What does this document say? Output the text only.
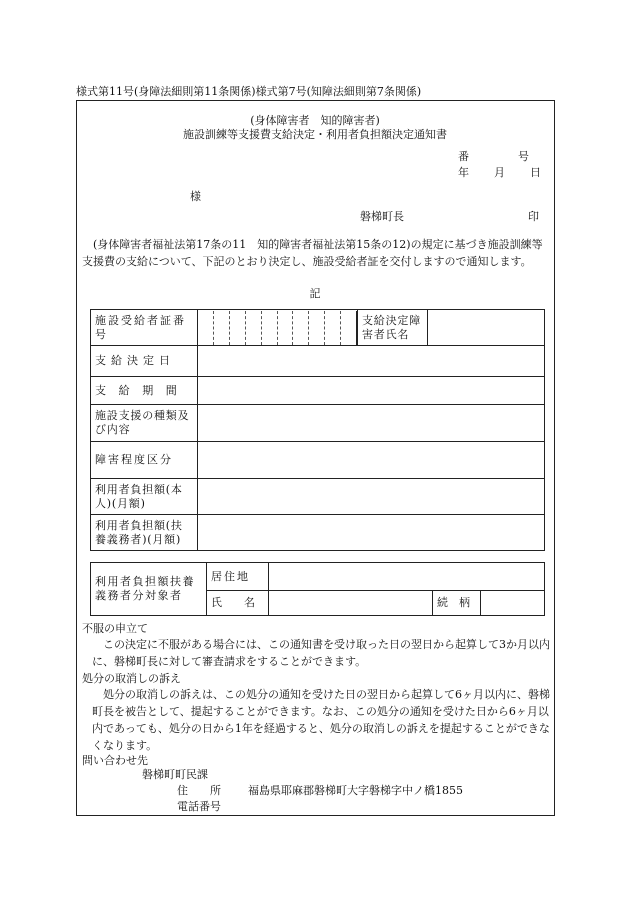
様式第11号(身障法細則第11条関係)様式第7号(知障法細則第7条関係)
(身体障害者　知的障害者)
施設訓練等支援費支給決定・利用者負担額決定通知書
番　　　　号
年　　月　　日
様
磐梯町長	印
(身体障害者福祉法第17条の11　知的障害者福祉法第15条の12)の規定に基づき施設訓練等支援費の支給について、下記のとおり決定し、施設受給者証を交付しますので通知します。
記
施設受給者証番　　　　　号		支給決定障害者氏名	
支給決定日			
支　給　期　間			
施設支援の種類及び内容			
障害程度区分			
利用者負担額(本人)(月額)			
利用者負担額(扶養義務者)(月額)			
利用者負担額扶養義務者分対象者	居住地			
	氏　　名		続　柄	
不服の申立て
この決定に不服がある場合には、この通知書を受け取った日の翌日から起算して3か月以内に、磐梯町長に対して審査請求をすることができます。
処分の取消しの訴え
処分の取消しの訴えは、この処分の通知を受けた日の翌日から起算して6ヶ月以内に、磐梯町長を被告として、提起することができます。なお、この処分の通知を受けた日から6ヶ月以内であっても、処分の日から1年を経過すると、処分の取消しの訴えを提起することができなくなります。
問い合わせ先
磐梯町町民課
住　　所 福島県耶麻郡磐梯町大字磐梯字中ノ橋1855
電話番号
